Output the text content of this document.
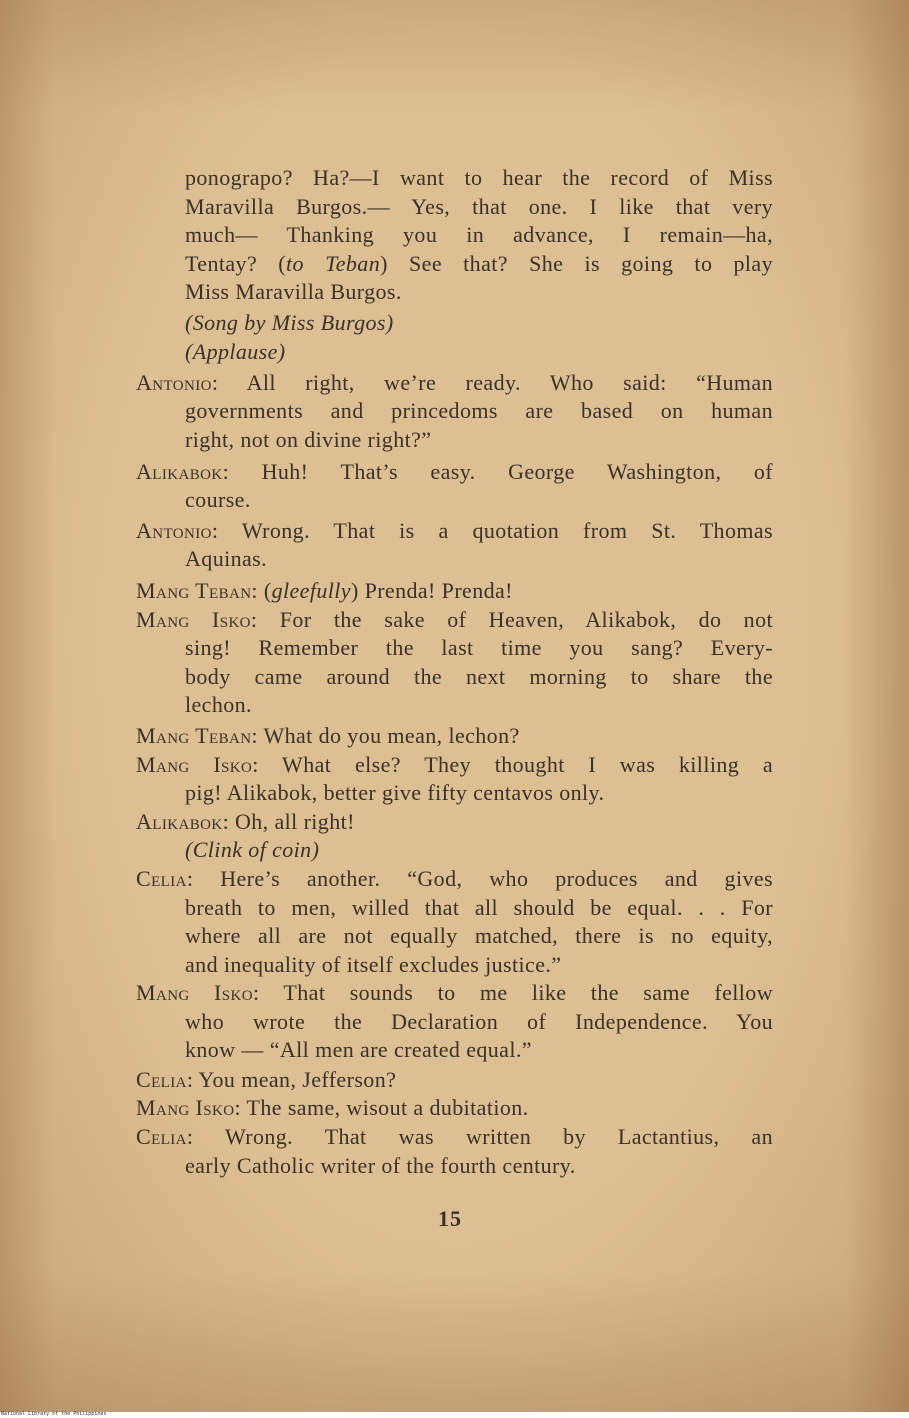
ponograpo? Ha?—I want to hear the record of Miss
Maravilla Burgos.— Yes, that one. I like that very
much— Thanking you in advance, I remain—ha,
Tentay? (to Teban) See that? She is going to play
Miss Maravilla Burgos.
(Song by Miss Burgos)
(Applause)
Antonio: All right, we’re ready. Who said: “Human
governments and princedoms are based on human
right, not on divine right?”
Alikabok: Huh! That’s easy. George Washington, of
course.
Antonio: Wrong. That is a quotation from St. Thomas
Aquinas.
Mang Teban: (gleefully) Prenda! Prenda!
Mang Isko: For the sake of Heaven, Alikabok, do not
sing! Remember the last time you sang? Every-
body came around the next morning to share the
lechon.
Mang Teban: What do you mean, lechon?
Mang Isko: What else? They thought I was killing a
pig! Alikabok, better give fifty centavos only.
Alikabok: Oh, all right!
(Clink of coin)
Celia: Here’s another. “God, who produces and gives
breath to men, willed that all should be equal. . . For
where all are not equally matched, there is no equity,
and inequality of itself excludes justice.”
Mang Isko: That sounds to me like the same fellow
who wrote the Declaration of Independence. You
know — “All men are created equal.”
Celia: You mean, Jefferson?
Mang Isko: The same, wisout a dubitation.
Celia: Wrong. That was written by Lactantius, an
early Catholic writer of the fourth century.
15
National Library of the Philippines
